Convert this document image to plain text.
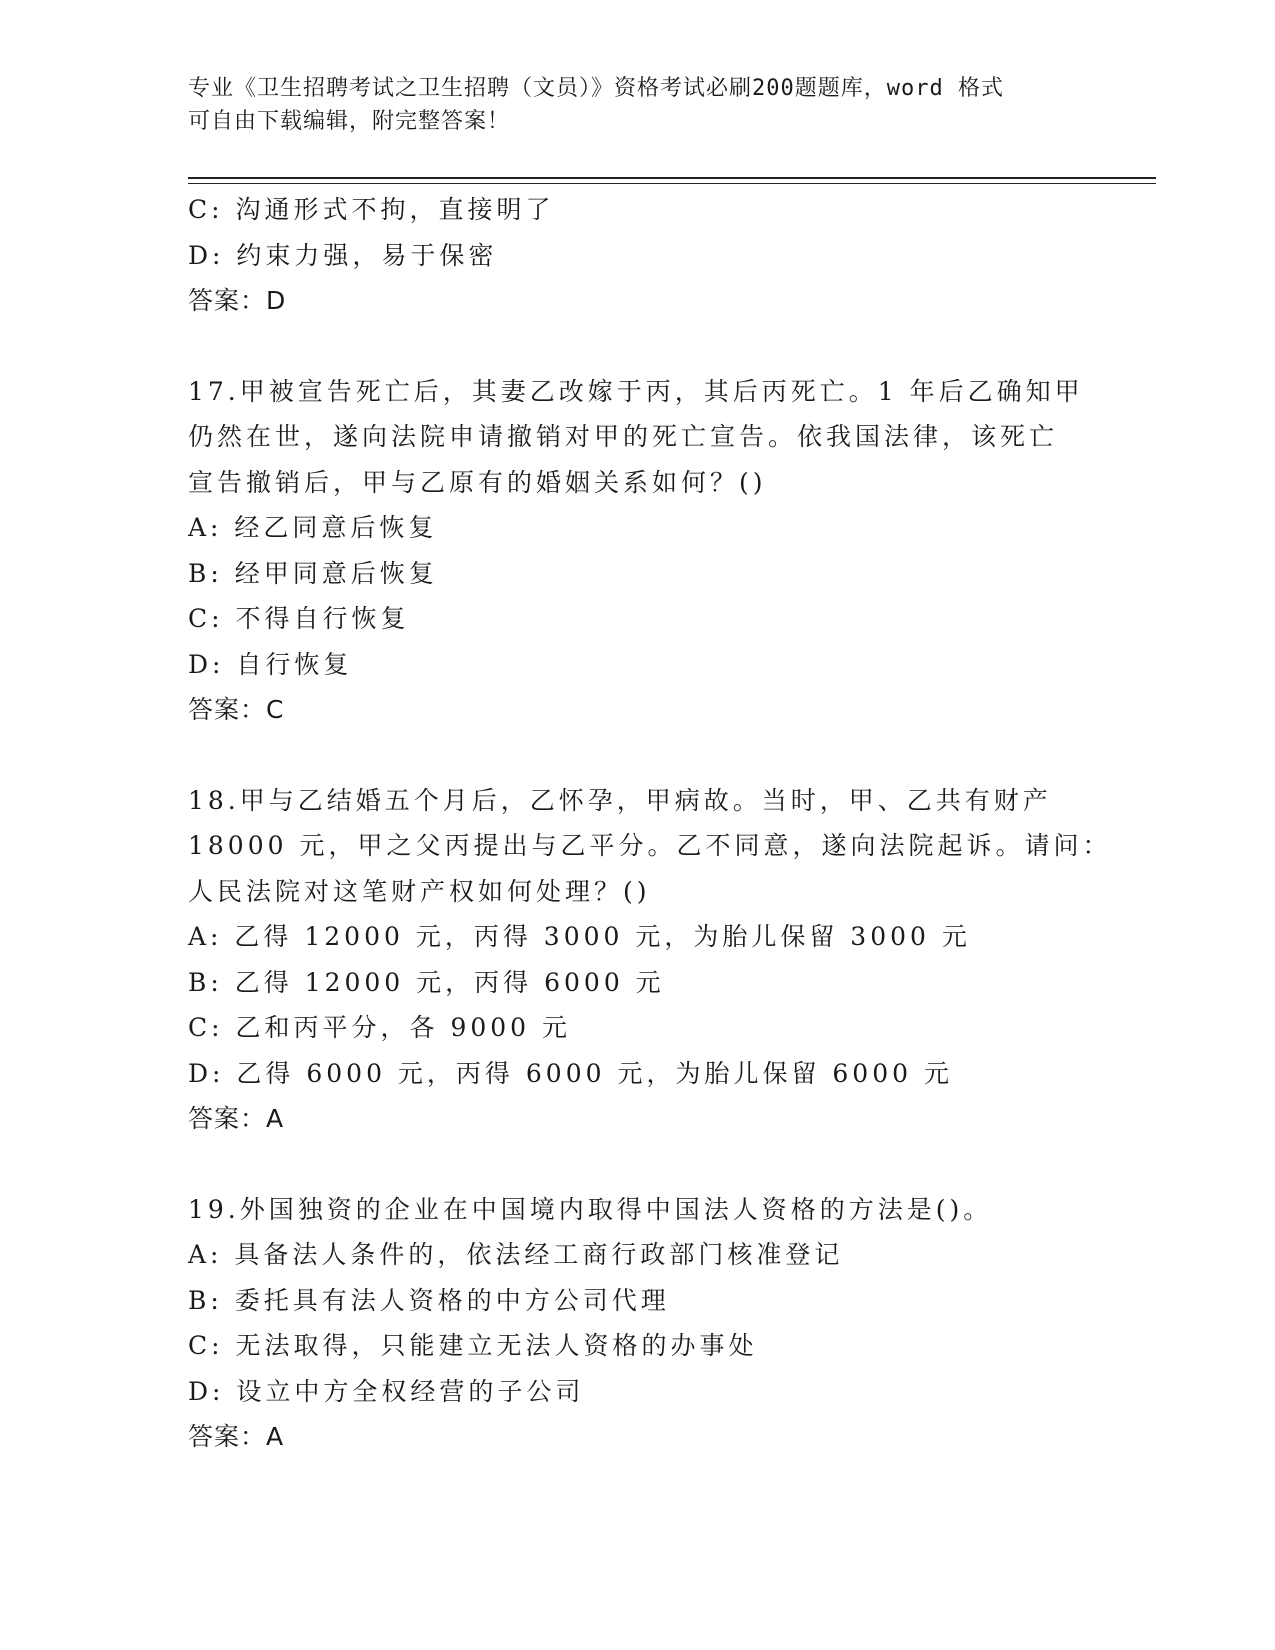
专业《卫生招聘考试之卫生招聘（文员）》资格考试必刷200题题库，word 格式
可自由下载编辑，附完整答案！
C: 沟通形式不拘，直接明了
D: 约束力强，易于保密
答案：D
17.甲被宣告死亡后，其妻乙改嫁于丙，其后丙死亡。1 年后乙确知甲
仍然在世，遂向法院申请撤销对甲的死亡宣告。依我国法律，该死亡
宣告撤销后，甲与乙原有的婚姻关系如何？()
A: 经乙同意后恢复
B: 经甲同意后恢复
C: 不得自行恢复
D: 自行恢复
答案：C
18.甲与乙结婚五个月后，乙怀孕，甲病故。当时，甲、乙共有财产
18000 元，甲之父丙提出与乙平分。乙不同意，遂向法院起诉。请问：
人民法院对这笔财产权如何处理？()
A: 乙得 12000 元，丙得 3000 元，为胎儿保留 3000 元
B: 乙得 12000 元，丙得 6000 元
C: 乙和丙平分，各 9000 元
D: 乙得 6000 元，丙得 6000 元，为胎儿保留 6000 元
答案：A
19.外国独资的企业在中国境内取得中国法人资格的方法是()。
A: 具备法人条件的，依法经工商行政部门核准登记
B: 委托具有法人资格的中方公司代理
C: 无法取得，只能建立无法人资格的办事处
D: 设立中方全权经营的子公司
答案：A
